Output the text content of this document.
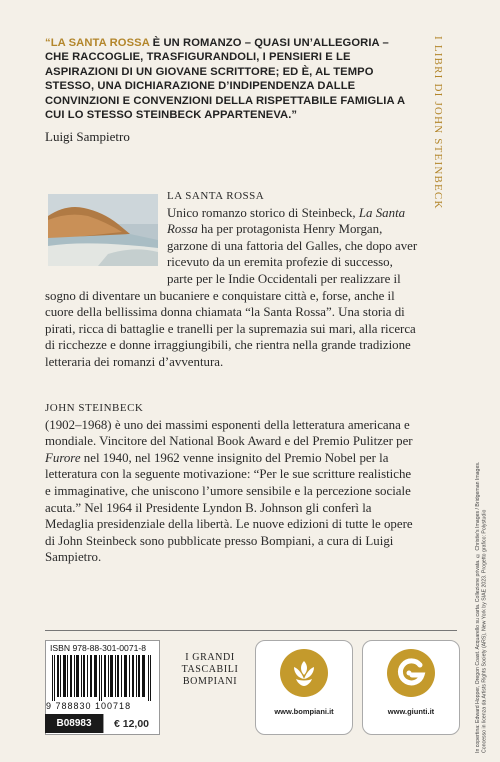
“LA SANTA ROSSA È UN ROMANZO – QUASI UN’ALLEGORIA – CHE RACCOGLIE, TRASFIGURANDOLI, I PENSIERI E LE ASPIRAZIONI DI UN GIOVANE SCRITTORE; ED È, AL TEMPO STESSO, UNA DICHIARAZIONE D’INDIPENDENZA DALLE CONVINZIONI E CONVENZIONI DELLA RISPETTABILE FAMIGLIA A CUI LO STESSO STEINBECK APPARTENEVA.”
Luigi Sampietro	I LIBRI DI JOHN STEINBECK
LA SANTA ROSSA
Unico romanzo storico di Steinbeck, La Santa Rossa ha per protagonista Henry Morgan, garzone di una fattoria del Galles, che dopo aver ricevuto da un eremita profezie di successo, parte per le Indie Occidentali per realizzare il sogno di diventare un bucaniere e conquistare città e, forse, anche il cuore della bellissima donna chiamata “la Santa Rossa”. Una storia di pirati, ricca di battaglie e tranelli per la supremazia sui mari, alla ricerca di ricchezze e donne irraggiungibili, che rientra nella grande tradizione letteraria dei romanzi d’avventura.
JOHN STEINBECK
(1902–1968) è uno dei massimi esponenti della letteratura americana e mondiale. Vincitore del National Book Award e del Premio Pulitzer per Furore nel 1940, nel 1962 venne insignito del Premio Nobel per la letteratura con la seguente motivazione: “Per le sue scritture realistiche e immaginative, che uniscono l’umore sensibile e la percezione sociale acuta.” Nel 1964 il Presidente Lyndon B. Johnson gli conferì la Medaglia presidenziale della libertà. Le nuove edizioni di tutte le opere di John Steinbeck sono pubblicate presso Bompiani, a cura di Luigi Sampietro.	In copertina: Edward Hopper, Oregon Coast. Acquarello su carta. Collezione privata. © Christie’s Images / Bridgeman Images. Concesso in licenza da Artists Rights Society (ARS), New York by SIAE 2023. Progetto grafico: Polystudio
ISBN 978-88-301-0071-8
9 788830 100718
B08983	€ 12,00
I GRANDI
TASCABILI
BOMPIANI
www.bompiani.it	www.giunti.it
